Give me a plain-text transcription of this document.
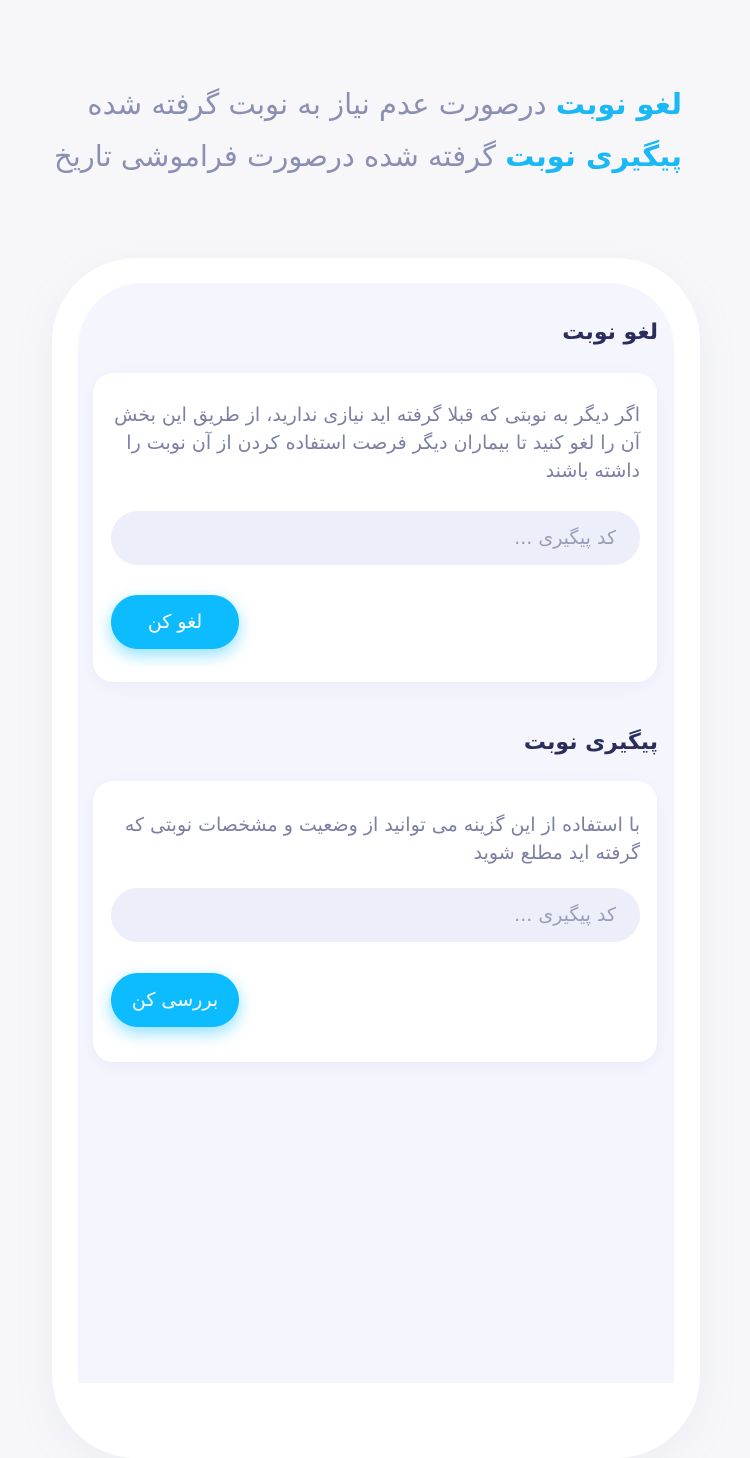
لغو نوبت درصورت عدم نیاز به نوبت گرفته شده
پیگیری نوبت گرفته شده درصورت فراموشی تاریخ
لغو نوبت
اگر دیگر به نوبتی که قبلا گرفته اید نیازی ندارید، از طریق این بخش آن را لغو کنید تا بیماران دیگر فرصت استفاده کردن از آن نوبت را داشته باشند
کد پیگیری ...
لغو کن
پیگیری نوبت
با استفاده از این گزینه می توانید از وضعیت و مشخصات نوبتی که گرفته اید مطلع شوید
کد پیگیری ...
بررسی کن
